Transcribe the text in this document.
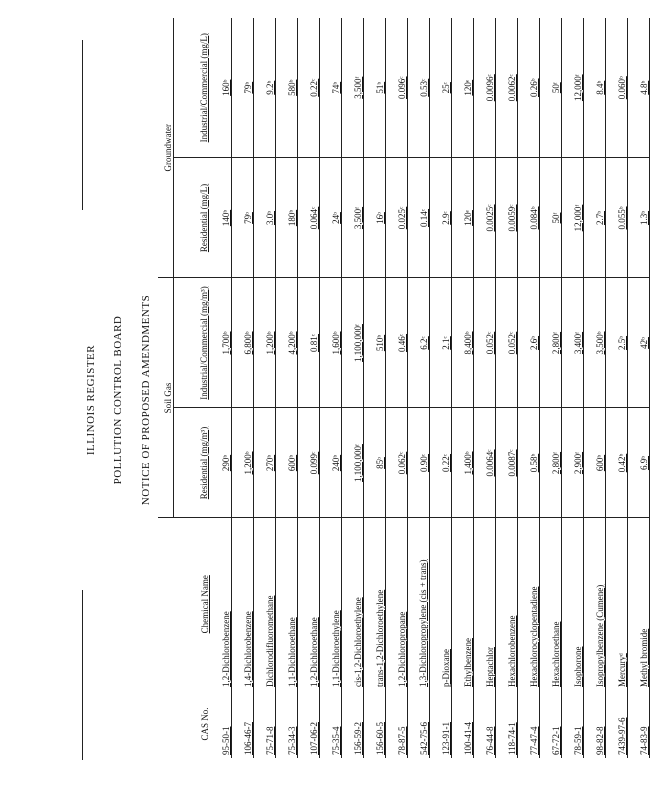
ILLINOIS REGISTER POLLUTION CONTROL BOARD NOTICE OF PROPOSED AMENDMENTS
		Soil Gas		Groundwater	
CAS No.	Chemical Name	Residential (mg/m³)	Industrial/Commercial (mg/m³)	Residential (mg/L)	Industrial/Commercial (mg/L)
95-50-1	1,2-Dichlorobenzene	290ᵇ	1,700ᵇ	140ᵇ	160ᵇ
106-46-7	1,4-Dichlorobenzene	1,200ᵇ	6,800ᵇ	79ᵇ	79ᵇ
75-71-8	Dichlorodifluoromethane	270ᵇ	1,200ᵇ	3.0ᵇ	9.2ᵇ
75-34-3	1,1-Dichloroethane	600ᵇ	4,200ᵇ	180ᵇ	580ᵇ
107-06-2	1,2-Dichloroethane	0.099ᶜ	0.81ᶜ	0.064ᶜ	0.22ᶜ
75-35-4	1,1-Dichloroethylene	240ᵇ	1,600ᵇ	24ᵇ	74ᵇ
156-59-2	cis-1,2-Dichloroethylene	1,100,000ᶠ	1,100,000ᶠ	3,500ᶠ	3,500ᶠ
156-60-5	trans-1,2-Dichloroethylene	85ᵇ	510ᵇ	16ᵇ	51ᵇ
78-87-5	1,2-Dichloropropane	0.062ᶜ	0.46ᶜ	0.025ᶜ	0.096ᶜ
542-75-6	1,3-Dichloropropylene (cis + trans)	0.90ᶜ	6.2ᶜ	0.14ᶜ	0.53ᶜ
123-91-1	p-Dioxane	0.22ᶜ	2.1ᶜ	2.9ᶜ	25ᶜ
100-41-4	Ethylbenzene	1,400ᵇ	8,400ᵇ	120ᵉ	120ᵉ
76-44-8	Heptachlor	0.0064ᶜ	0.052ᶜ	0.0025ᶜ	0.0096ᶜ
118-74-1	Hexachlorobenzene	0.0087ᶜ	0.052ᶜ	0.0059ᶜ	0.0062ᶜ
77-47-4	Hexachlorocyclopentadiene	0.58ᵇ	2.6ᵇ	0.084ᵇ	0.26ᵇ
67-72-1	Hexachloroethane	2,800ᶠ	2,800ᶠ	50ᶠ	50ᶠ
78-59-1	Isophorone	2,900ᶠ	3,400ᶠ	12,000ᶠ	12,000ᶠ
98-82-8	Isopropylbenzene (Cumene)	600ᵇ	3,500ᵇ	2.7ᵇ	8.4ᵇ
7439-97-6	Mercuryᵈ	0.42ᵇ	2.5ᵇ	0.055ᵇ	0.060ᵇ
74-83-9	Methyl bromide	6.9ᵇ	42ᵇ	1.3ᵇ	4.8ᵇ
